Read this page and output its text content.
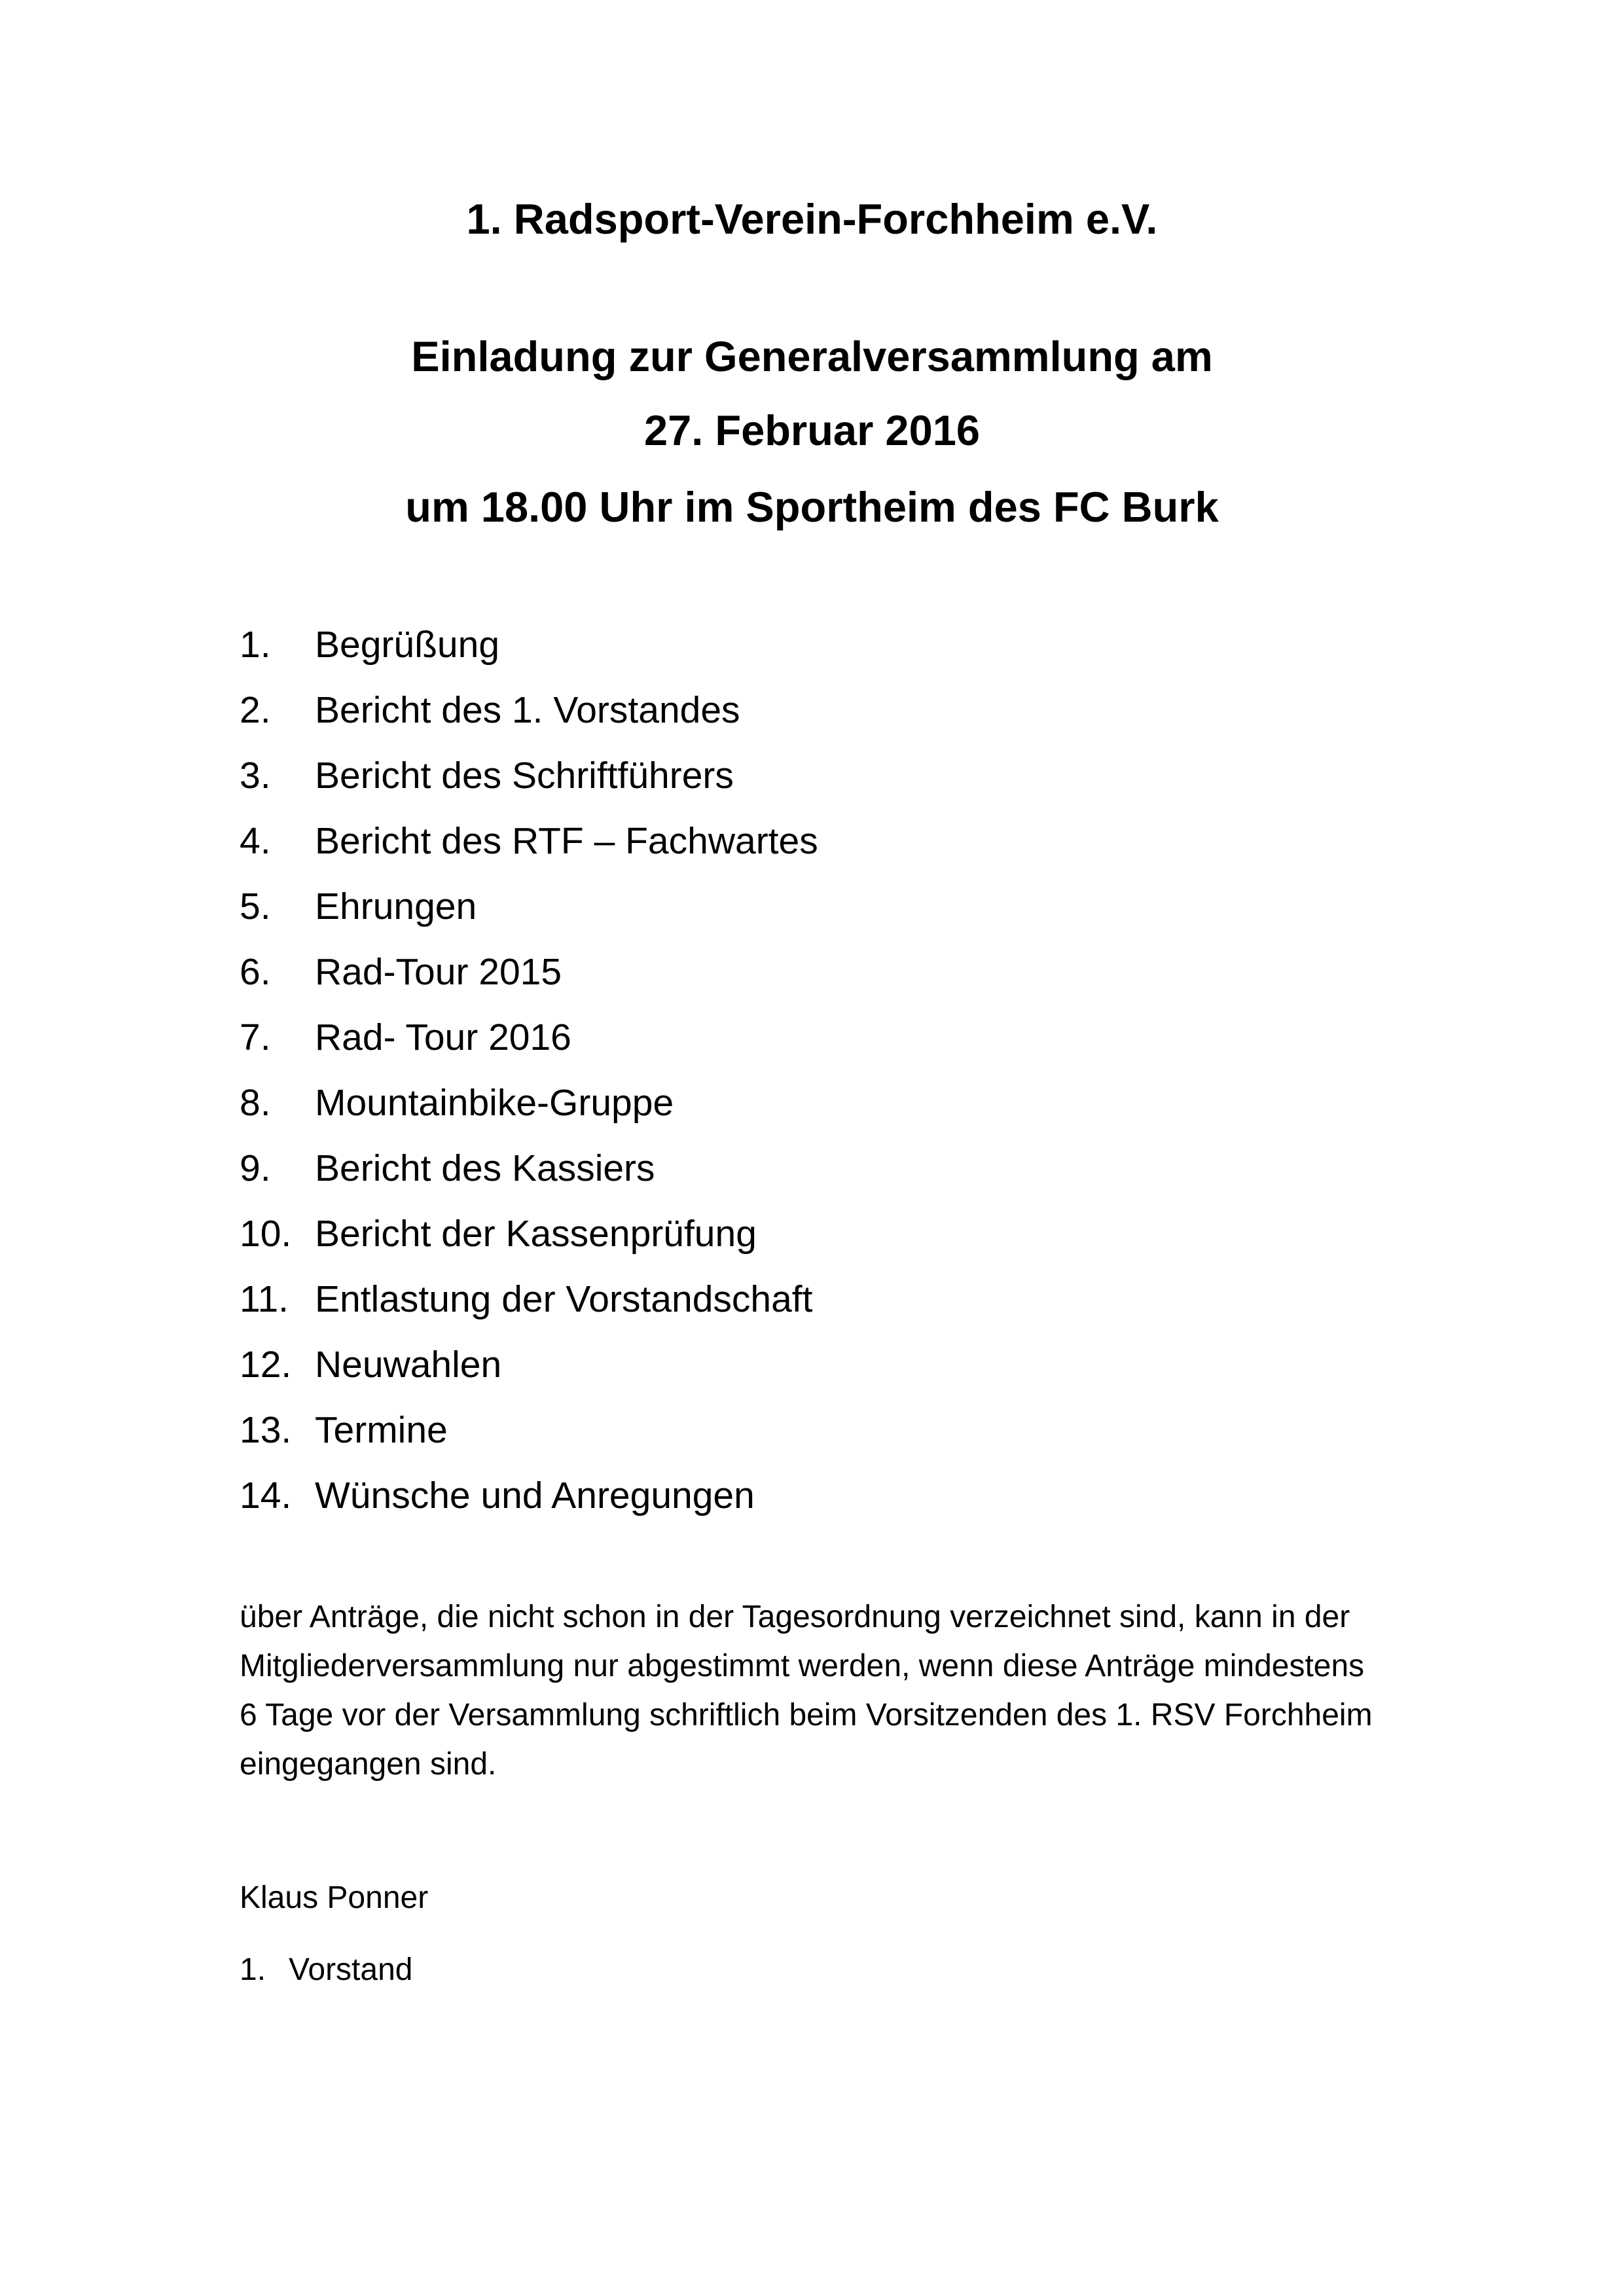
1. Radsport-Verein-Forchheim e.V.
Einladung zur Generalversammlung am
27. Februar 2016
um 18.00 Uhr im Sportheim des FC Burk
1.	Begrüßung
2.	Bericht des 1. Vorstandes
3.	Bericht des Schriftführers
4.	Bericht des RTF – Fachwartes
5.	Ehrungen
6.	Rad-Tour 2015
7.	Rad- Tour 2016
8.	Mountainbike-Gruppe
9.	Bericht des Kassiers
10. Bericht der Kassenprüfung
11. Entlastung der Vorstandschaft
12. Neuwahlen
13. Termine
14. Wünsche und Anregungen
über Anträge, die nicht schon in der Tagesordnung verzeichnet sind, kann in der
Mitgliederversammlung nur abgestimmt werden, wenn diese Anträge mindestens
6 Tage vor der Versammlung schriftlich beim Vorsitzenden des 1. RSV Forchheim
eingegangen sind.
Klaus Ponner
1. Vorstand
